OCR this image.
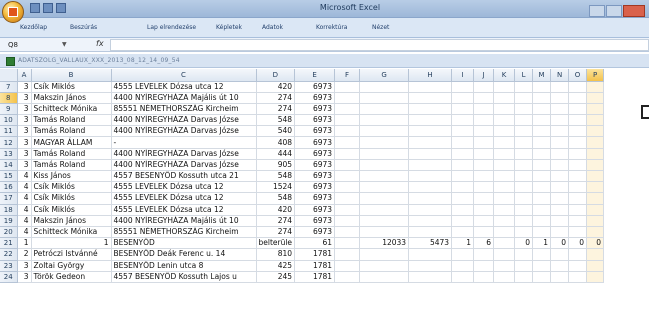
Microsoft Excel
Kezdőlap	Beszúrás	Lap elrendezése	Képletek	Adatok	Korrektúra	Nézet
Q8	▼	fx
ADATSZOLG_VALLAUX_XXX_2013_08_12_14_09_54
	A	B	C	D	E	F	G	H	I	J	K	L	M	N	O	P
7	3	Csík Miklós	4555 LEVELEK Dózsa utca 12	420	6973											
8	3	Makszin János	4400 NYÍREGYHÁZA Majális út 10	274	6973											
9	3	Schitteck Mónika	85551 NÉMETHORSZÁG Kircheim	274	6973											
10	3	Tamás Roland	4400 NYÍREGYHÁZA Darvas Józse	548	6973											
11	3	Tamás Roland	4400 NYÍREGYHÁZA Darvas Józse	540	6973											
12	3	MAGYAR ÁLLAM	-	408	6973											
13	3	Tamás Roland	4400 NYÍREGYHÁZA Darvas Józse	444	6973											
14	3	Tamás Roland	4400 NYÍREGYHÁZA Darvas Józse	905	6973											
15	4	Kiss János	4557 BESENYŐD Kossuth utca 21	548	6973											
16	4	Csík Miklós	4555 LEVELEK Dózsa utca 12	1524	6973											
17	4	Csík Miklós	4555 LEVELEK Dózsa utca 12	548	6973											
18	4	Csík Miklós	4555 LEVELEK Dózsa utca 12	420	6973											
19	4	Makszin János	4400 NYÍREGYHÁZA Majális út 10	274	6973											
20	4	Schitteck Mónika	85551 NÉMETHORSZÁG Kircheim	274	6973											
21	1	1	BESENYŐD	belterüle	61		12033	5473	1	6		0	1	0	0	0
22	2	Petróczi Istvánné	BESENYŐD Deák Ferenc u. 14	810	1781											
23	3	Zoltai György	BESENYŐD Lenin utca 8	425	1781											
24	3	Török Gedeon	4557 BESENYŐD Kossuth Lajos u	245	1781											
